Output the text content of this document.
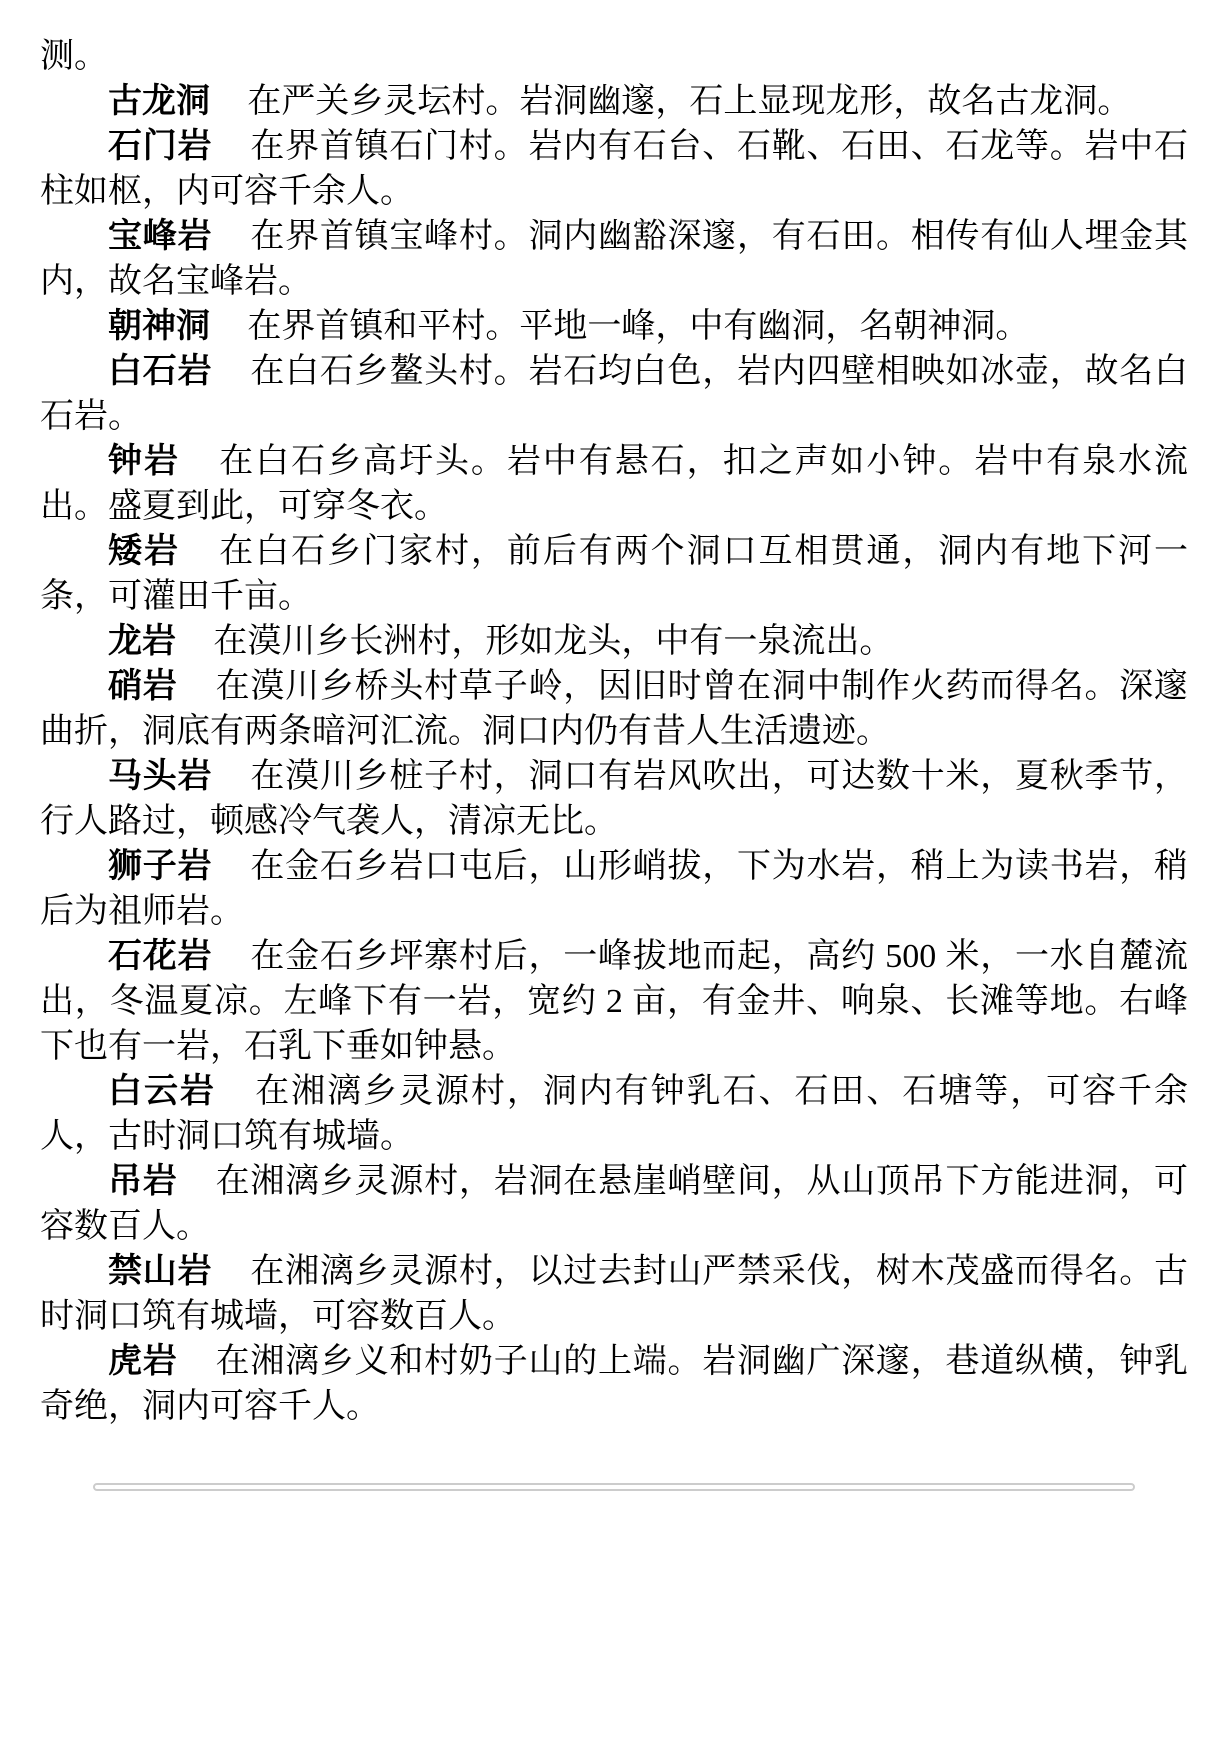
测。

古龙洞 在严关乡灵坛村。岩洞幽邃，石上显现龙形，故名古龙洞。

石门岩 在界首镇石门村。岩内有石台、石靴、石田、石龙等。岩中石柱如枢，内可容千余人。

宝峰岩 在界首镇宝峰村。洞内幽豁深邃，有石田。相传有仙人埋金其内，故名宝峰岩。

朝神洞 在界首镇和平村。平地一峰，中有幽洞，名朝神洞。

白石岩 在白石乡鳌头村。岩石均白色，岩内四壁相映如冰壶，故名白石岩。

钟岩 在白石乡高圩头。岩中有悬石，扣之声如小钟。岩中有泉水流出。盛夏到此，可穿冬衣。

矮岩 在白石乡门家村，前后有两个洞口互相贯通，洞内有地下河一条，可灌田千亩。

龙岩 在漠川乡长洲村，形如龙头，中有一泉流出。

硝岩 在漠川乡桥头村草子岭，因旧时曾在洞中制作火药而得名。深邃曲折，洞底有两条暗河汇流。洞口内仍有昔人生活遗迹。

马头岩 在漠川乡桩子村，洞口有岩风吹出，可达数十米，夏秋季节，行人路过，顿感冷气袭人，清凉无比。

狮子岩 在金石乡岩口屯后，山形峭拔，下为水岩，稍上为读书岩，稍后为祖师岩。

石花岩 在金石乡坪寨村后，一峰拔地而起，高约 500 米，一水自麓流出，冬温夏凉。左峰下有一岩，宽约 2 亩，有金井、响泉、长滩等地。右峰下也有一岩，石乳下垂如钟悬。

白云岩 在湘漓乡灵源村，洞内有钟乳石、石田、石塘等，可容千余人，古时洞口筑有城墙。

吊岩 在湘漓乡灵源村，岩洞在悬崖峭壁间，从山顶吊下方能进洞，可容数百人。

禁山岩 在湘漓乡灵源村，以过去封山严禁采伐，树木茂盛而得名。古时洞口筑有城墙，可容数百人。

虎岩 在湘漓乡义和村奶子山的上端。岩洞幽广深邃，巷道纵横，钟乳奇绝，洞内可容千人。
